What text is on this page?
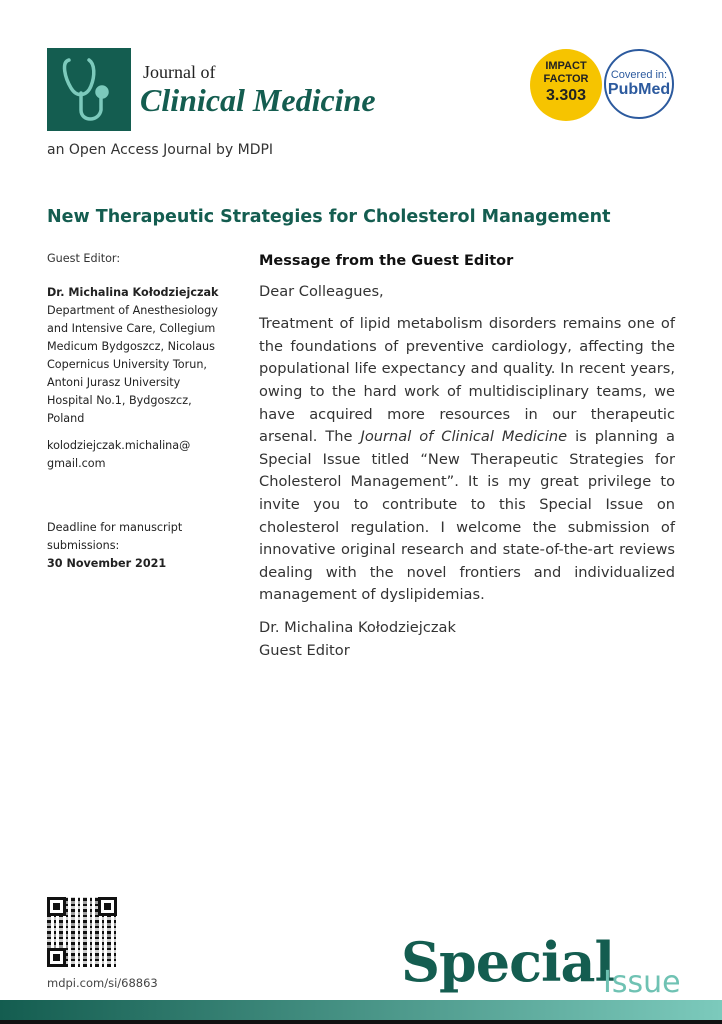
Journal of
Clinical Medicine
an Open Access Journal by MDPI
IMPACT
FACTOR
3.303
Covered in:
PubMed
New Therapeutic Strategies for Cholesterol Management
Guest Editor:
Dr. Michalina Kołodziejczak
Department of Anesthesiology and Intensive Care, Collegium Medicum Bydgoszcz, Nicolaus Copernicus University Torun, Antoni Jurasz University Hospital No.1, Bydgoszcz, Poland
kolodziejczak.michalina@ gmail.com
Deadline for manuscript submissions:
30 November 2021
Message from the Guest Editor

Dear Colleagues,

Treatment of lipid metabolism disorders remains one of the foundations of preventive cardiology, affecting the populational life expectancy and quality. In recent years, owing to the hard work of multidisciplinary teams, we have acquired more resources in our therapeutic arsenal. The Journal of Clinical Medicine is planning a Special Issue titled “New Therapeutic Strategies for Cholesterol Management”. It is my great privilege to invite you to contribute to this Special Issue on cholesterol regulation. I welcome the submission of innovative original research and state-of-the-art reviews dealing with the novel frontiers and individualized management of dyslipidemias.

Dr. Michalina Kołodziejczak
Guest Editor
mdpi.com/si/68863	Special
Issue
